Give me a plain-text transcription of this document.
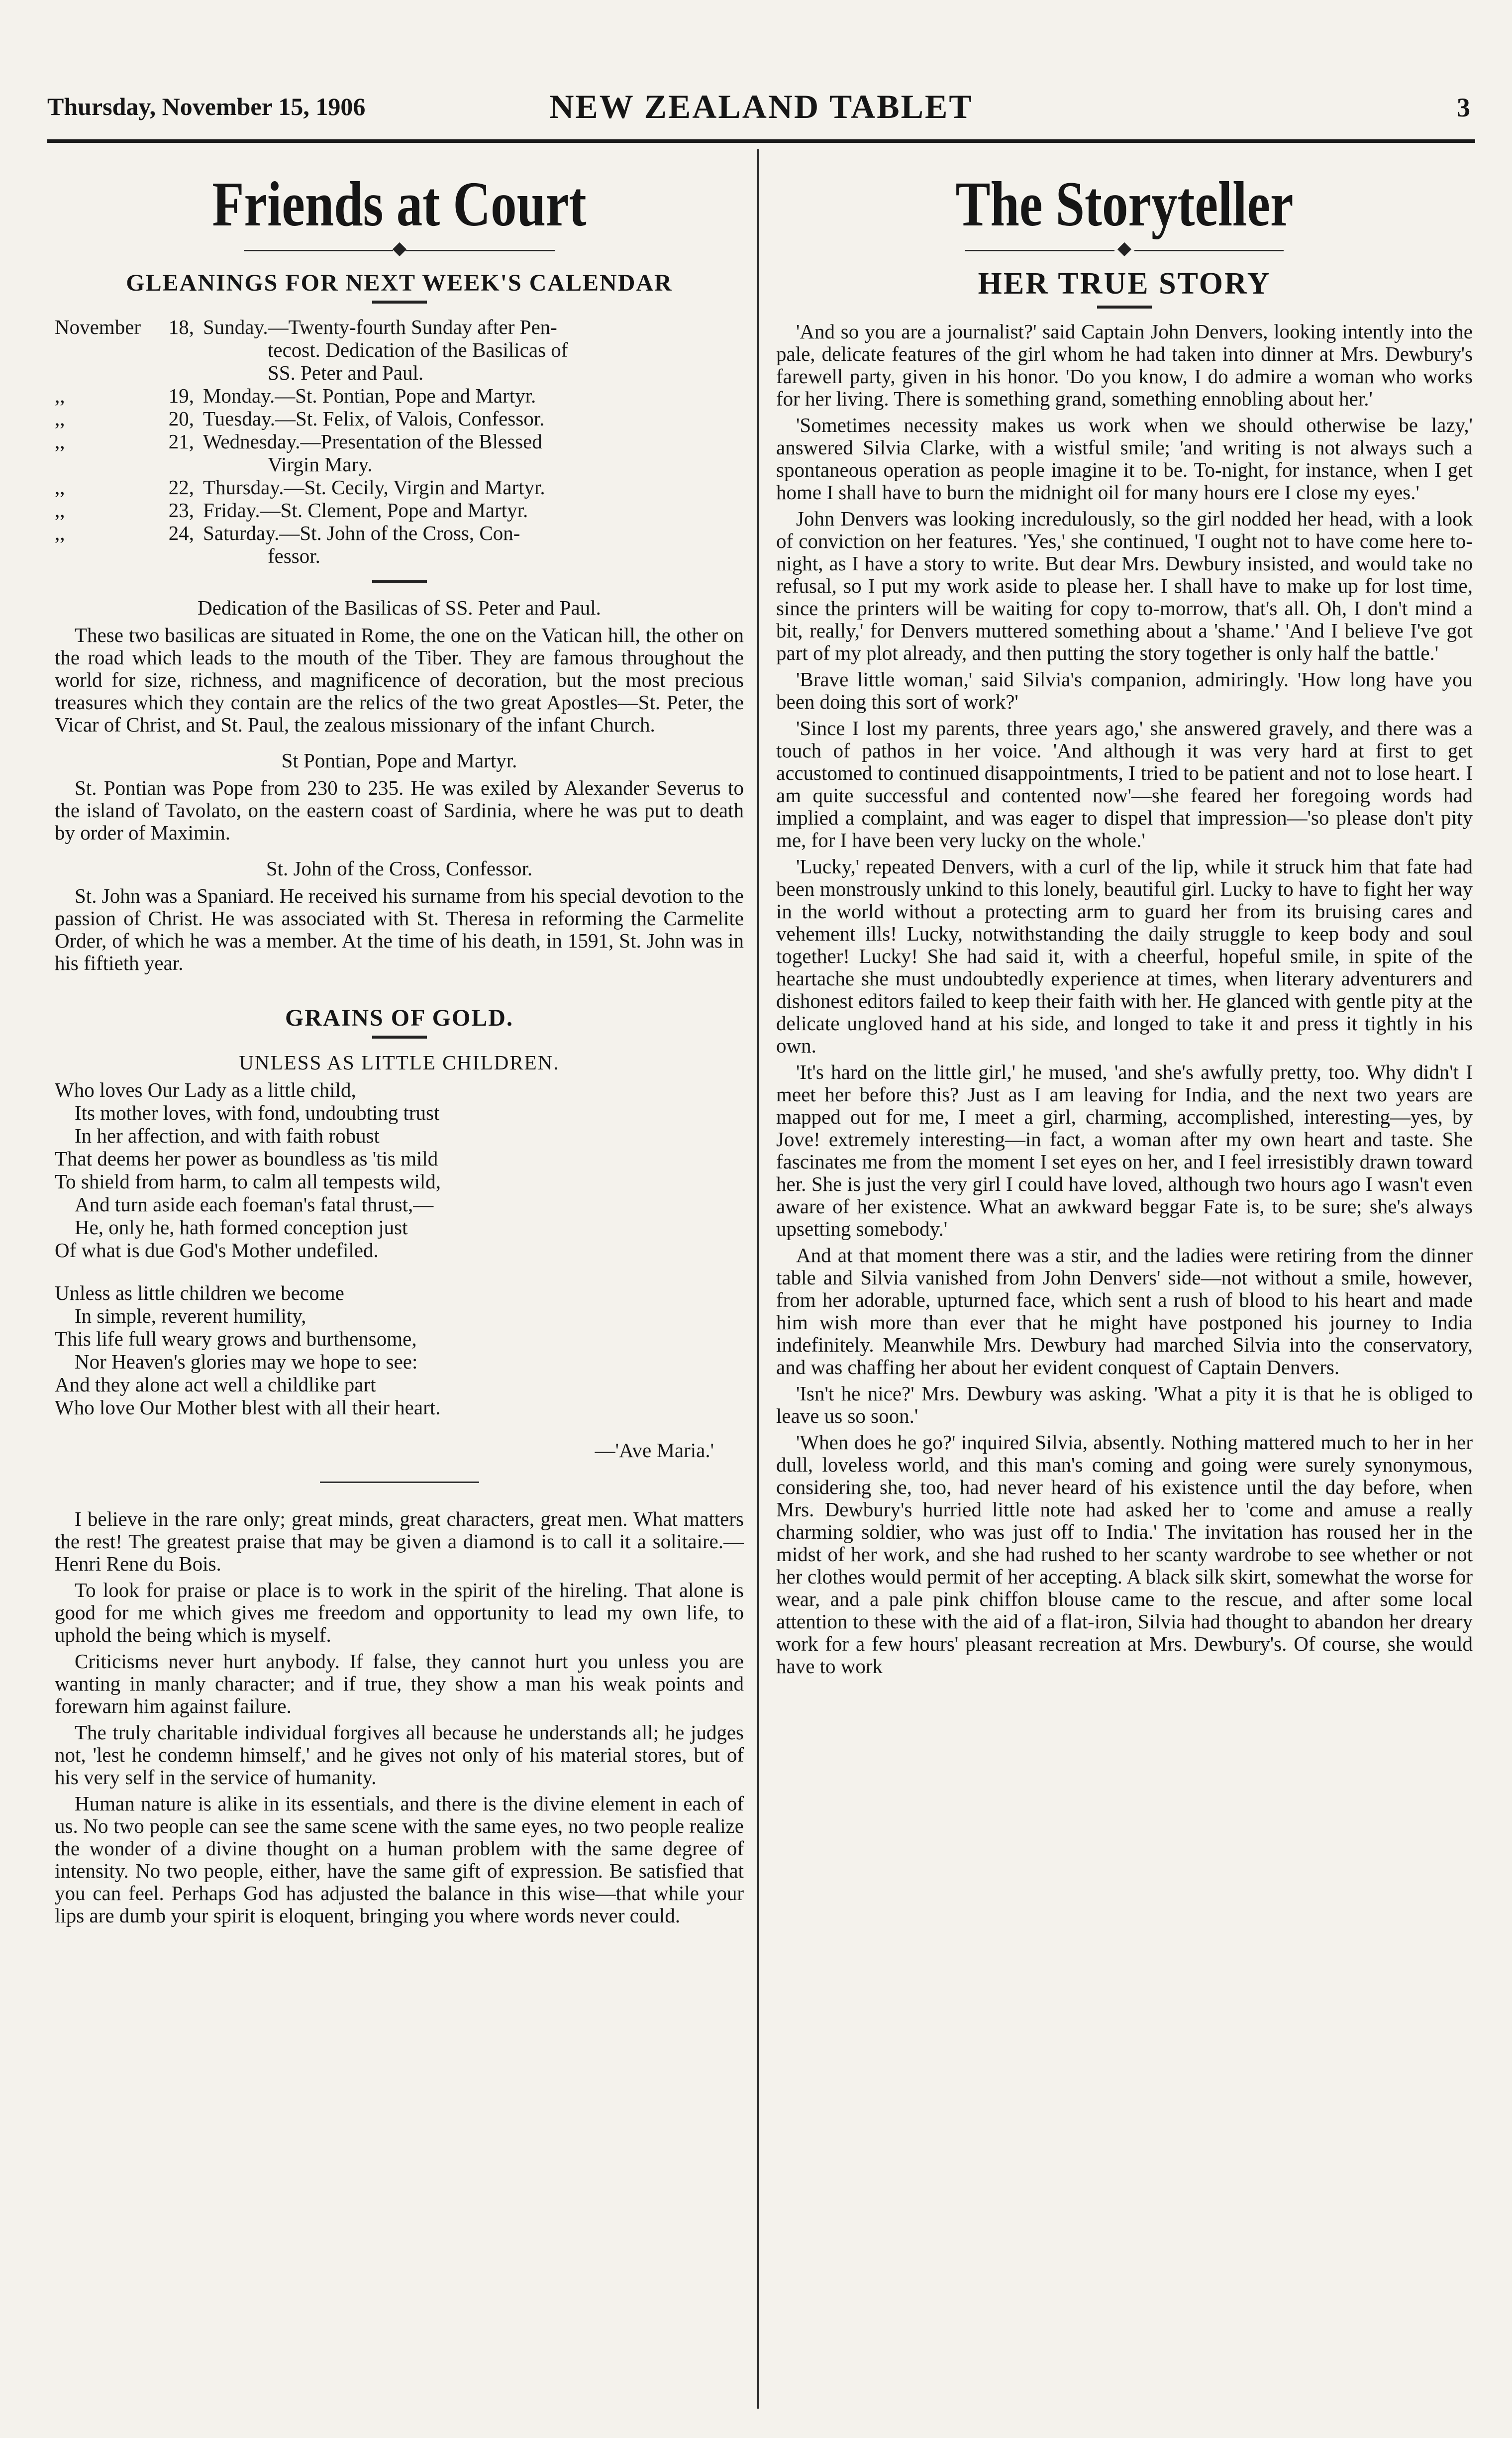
Thursday, November 15, 1906	NEW ZEALAND TABLET	3
Friends at Court
GLEANINGS FOR NEXT WEEK'S CALENDAR
November	18, Sunday.—Twenty-fourth Sunday after Pen-
tecost. Dedication of the Basilicas of
SS. Peter and Paul.
,,	19, Monday.—St. Pontian, Pope and Martyr.
,,	20, Tuesday.—St. Felix, of Valois, Confessor.
,,	21, Wednesday.—Presentation of the Blessed
Virgin Mary.
,,	22, Thursday.—St. Cecily, Virgin and Martyr.
,,	23, Friday.—St. Clement, Pope and Martyr.
,,	24, Saturday.—St. John of the Cross, Con-
fessor.
Dedication of the Basilicas of SS. Peter and Paul.

These two basilicas are situated in Rome, the one on the Vatican hill, the other on the road which leads to the mouth of the Tiber. They are famous throughout the world for size, richness, and magnificence of decoration, but the most precious treasures which they contain are the relics of the two great Apostles—St. Peter, the Vicar of Christ, and St. Paul, the zealous missionary of the infant Church.

St Pontian, Pope and Martyr.

St. Pontian was Pope from 230 to 235. He was exiled by Alexander Severus to the island of Tavolato, on the eastern coast of Sardinia, where he was put to death by order of Maximin.

St. John of the Cross, Confessor.

St. John was a Spaniard. He received his surname from his special devotion to the passion of Christ. He was associated with St. Theresa in reforming the Carmelite Order, of which he was a member. At the time of his death, in 1591, St. John was in his fiftieth year.

GRAINS OF GOLD.
UNLESS AS LITTLE CHILDREN.
Who loves Our Lady as a little child,
Its mother loves, with fond, undoubting trust
In her affection, and with faith robust
That deems her power as boundless as 'tis mild
To shield from harm, to calm all tempests wild,
And turn aside each foeman's fatal thrust,—
He, only he, hath formed conception just
Of what is due God's Mother undefiled.
Unless as little children we become
In simple, reverent humility,
This life full weary grows and burthensome,
Nor Heaven's glories may we hope to see:
And they alone act well a childlike part
Who love Our Mother blest with all their heart.
—'Ave Maria.'

I believe in the rare only; great minds, great characters, great men. What matters the rest! The greatest praise that may be given a diamond is to call it a solitaire.—Henri Rene du Bois.

To look for praise or place is to work in the spirit of the hireling. That alone is good for me which gives me freedom and opportunity to lead my own life, to uphold the being which is myself.

Criticisms never hurt anybody. If false, they cannot hurt you unless you are wanting in manly character; and if true, they show a man his weak points and forewarn him against failure.

The truly charitable individual forgives all because he understands all; he judges not, 'lest he condemn himself,' and he gives not only of his material stores, but of his very self in the service of humanity.

Human nature is alike in its essentials, and there is the divine element in each of us. No two people can see the same scene with the same eyes, no two people realize the wonder of a divine thought on a human problem with the same degree of intensity. No two people, either, have the same gift of expression. Be satisfied that you can feel. Perhaps God has adjusted the balance in this wise—that while your lips are dumb your spirit is eloquent, bringing you where words never could.

The Storyteller
HER TRUE STORY

'And so you are a journalist?' said Captain John Denvers, looking intently into the pale, delicate features of the girl whom he had taken into dinner at Mrs. Dewbury's farewell party, given in his honor. 'Do you know, I do admire a woman who works for her living. There is something grand, something ennobling about her.'

'Sometimes necessity makes us work when we should otherwise be lazy,' answered Silvia Clarke, with a wistful smile; 'and writing is not always such a spontaneous operation as people imagine it to be. To-night, for instance, when I get home I shall have to burn the midnight oil for many hours ere I close my eyes.'

John Denvers was looking incredulously, so the girl nodded her head, with a look of conviction on her features. 'Yes,' she continued, 'I ought not to have come here to-night, as I have a story to write. But dear Mrs. Dewbury insisted, and would take no refusal, so I put my work aside to please her. I shall have to make up for lost time, since the printers will be waiting for copy to-morrow, that's all. Oh, I don't mind a bit, really,' for Denvers muttered something about a 'shame.' 'And I believe I've got part of my plot already, and then putting the story together is only half the battle.'

'Brave little woman,' said Silvia's companion, admiringly. 'How long have you been doing this sort of work?'

'Since I lost my parents, three years ago,' she answered gravely, and there was a touch of pathos in her voice. 'And although it was very hard at first to get accustomed to continued disappointments, I tried to be patient and not to lose heart. I am quite successful and contented now'—she feared her foregoing words had implied a complaint, and was eager to dispel that impression—'so please don't pity me, for I have been very lucky on the whole.'

'Lucky,' repeated Denvers, with a curl of the lip, while it struck him that fate had been monstrously unkind to this lonely, beautiful girl. Lucky to have to fight her way in the world without a protecting arm to guard her from its bruising cares and vehement ills! Lucky, notwithstanding the daily struggle to keep body and soul together! Lucky! She had said it, with a cheerful, hopeful smile, in spite of the heartache she must undoubtedly experience at times, when literary adventurers and dishonest editors failed to keep their faith with her. He glanced with gentle pity at the delicate ungloved hand at his side, and longed to take it and press it tightly in his own.

'It's hard on the little girl,' he mused, 'and she's awfully pretty, too. Why didn't I meet her before this? Just as I am leaving for India, and the next two years are mapped out for me, I meet a girl, charming, accomplished, interesting—yes, by Jove! extremely interesting—in fact, a woman after my own heart and taste. She fascinates me from the moment I set eyes on her, and I feel irresistibly drawn toward her. She is just the very girl I could have loved, although two hours ago I wasn't even aware of her existence. What an awkward beggar Fate is, to be sure; she's always upsetting somebody.'

And at that moment there was a stir, and the ladies were retiring from the dinner table and Silvia vanished from John Denvers' side—not without a smile, however, from her adorable, upturned face, which sent a rush of blood to his heart and made him wish more than ever that he might have postponed his journey to India indefinitely. Meanwhile Mrs. Dewbury had marched Silvia into the conservatory, and was chaffing her about her evident conquest of Captain Denvers.

'Isn't he nice?' Mrs. Dewbury was asking. 'What a pity it is that he is obliged to leave us so soon.'

'When does he go?' inquired Silvia, absently. Nothing mattered much to her in her dull, loveless world, and this man's coming and going were surely synonymous, considering she, too, had never heard of his existence until the day before, when Mrs. Dewbury's hurried little note had asked her to 'come and amuse a really charming soldier, who was just off to India.' The invitation has roused her in the midst of her work, and she had rushed to her scanty wardrobe to see whether or not her clothes would permit of her accepting. A black silk skirt, somewhat the worse for wear, and a pale pink chiffon blouse came to the rescue, and after some local attention to these with the aid of a flat-iron, Silvia had thought to abandon her dreary work for a few hours' pleasant recreation at Mrs. Dewbury's. Of course, she would have to work
